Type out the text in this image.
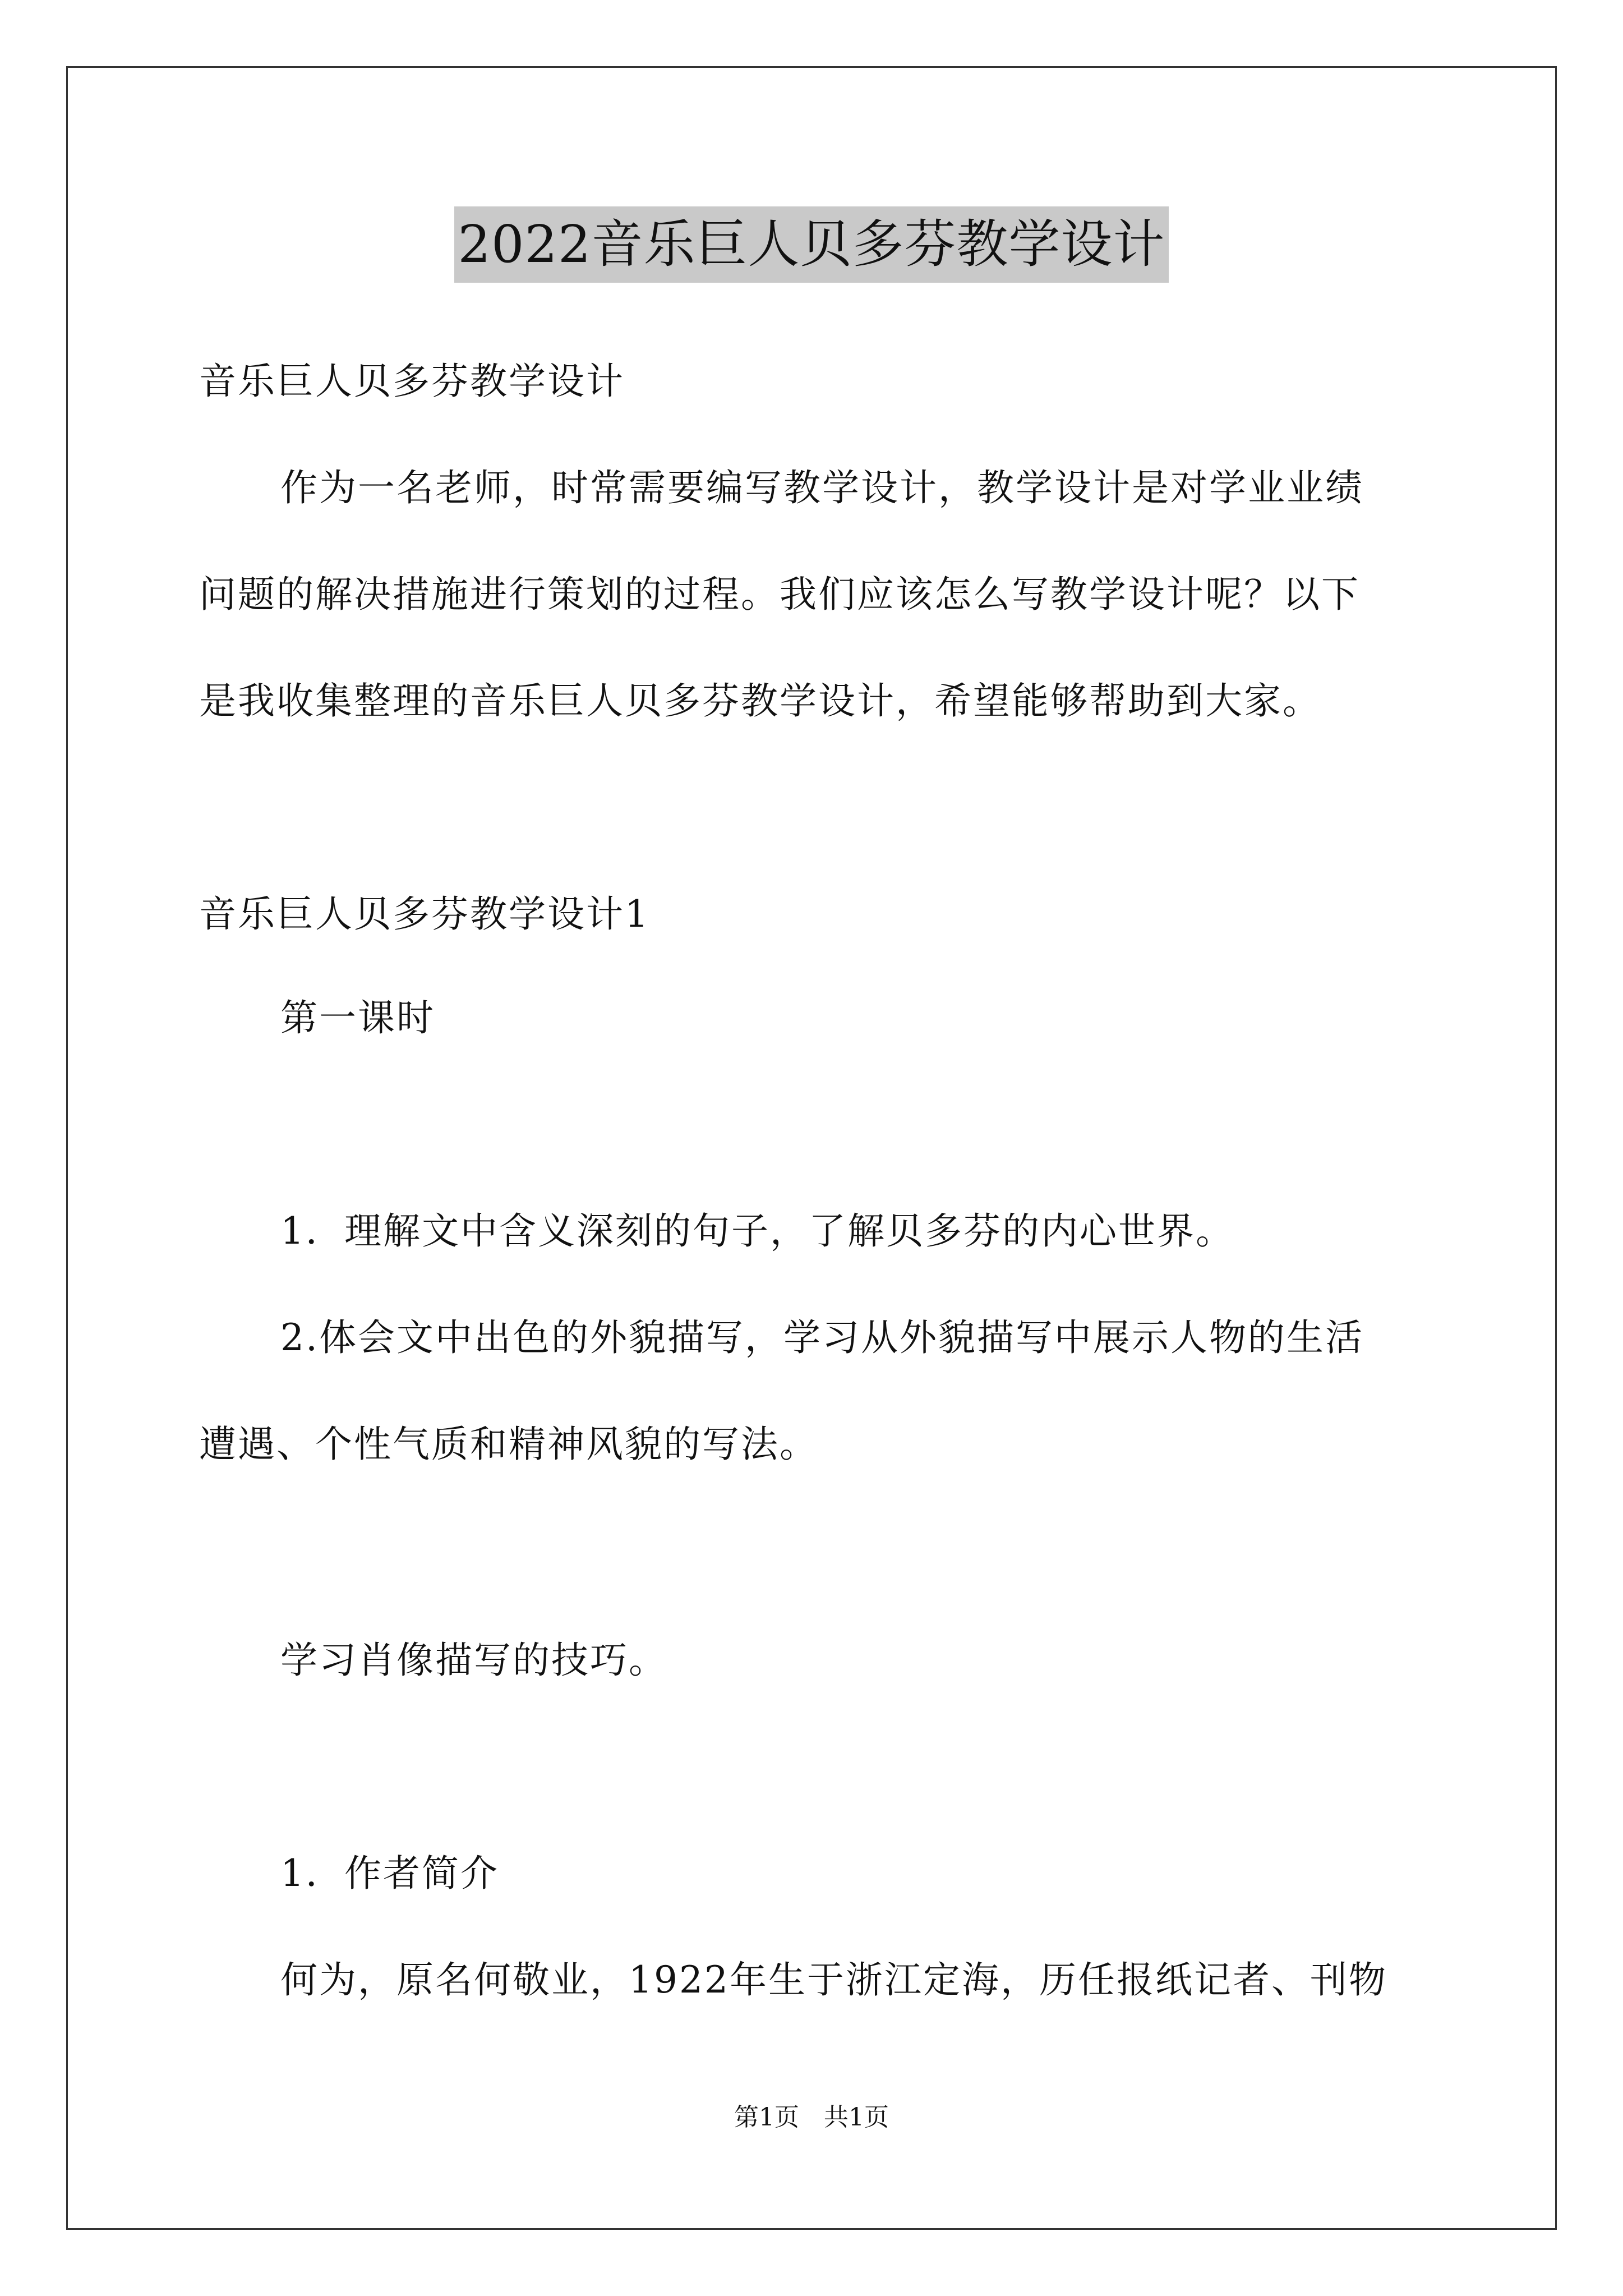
2022音乐巨人贝多芬教学设计
音乐巨人贝多芬教学设计
作为一名老师，时常需要编写教学设计，教学设计是对学业业绩
问题的解决措施进行策划的过程。我们应该怎么写教学设计呢？以下
是我收集整理的音乐巨人贝多芬教学设计，希望能够帮助到大家。
音乐巨人贝多芬教学设计1
第一课时
1．理解文中含义深刻的句子，了解贝多芬的内心世界。
2.体会文中出色的外貌描写，学习从外貌描写中展示人物的生活
遭遇、个性气质和精神风貌的写法。
学习肖像描写的技巧。
1．作者简介
何为，原名何敬业，1922年生于浙江定海，历任报纸记者、刊物
第1页　共1页
